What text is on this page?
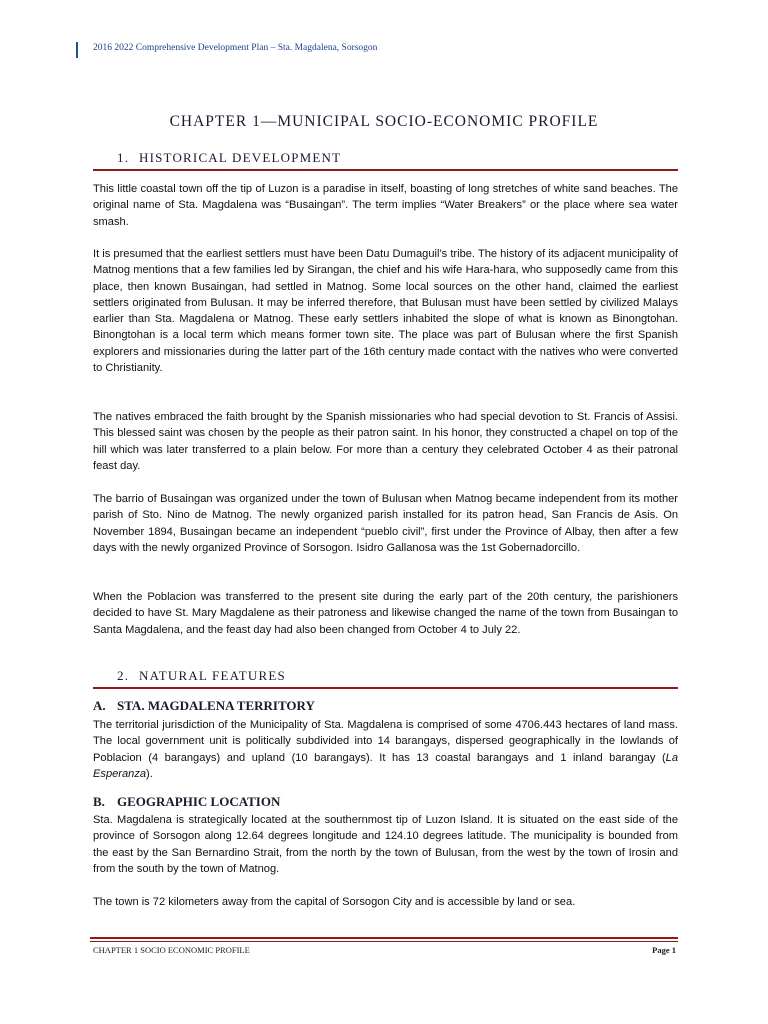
2016 2022 Comprehensive Development Plan – Sta. Magdalena, Sorsogon
CHAPTER 1—MUNICIPAL SOCIO-ECONOMIC PROFILE
1. HISTORICAL DEVELOPMENT
This little coastal town off the tip of Luzon is a paradise in itself, boasting of long stretches of white sand beaches. The original name of Sta. Magdalena was “Busaingan”. The term implies “Water Breakers” or the place where sea water smash.
It is presumed that the earliest settlers must have been Datu Dumaguil’s tribe. The history of its adjacent municipality of Matnog mentions that a few families led by Sirangan, the chief and his wife Hara-hara, who supposedly came from this place, then known Busaingan, had settled in Matnog. Some local sources on the other hand, claimed the earliest settlers originated from Bulusan. It may be inferred therefore, that Bulusan must have been settled by civilized Malays earlier than Sta. Magdalena or Matnog. These early settlers inhabited the slope of what is known as Binongtohan. Binongtohan is a local term which means former town site. The place was part of Bulusan where the first Spanish explorers and missionaries during the latter part of the 16th century made contact with the natives who were converted to Christianity.
The natives embraced the faith brought by the Spanish missionaries who had special devotion to St. Francis of Assisi. This blessed saint was chosen by the people as their patron saint. In his honor, they constructed a chapel on top of the hill which was later transferred to a plain below. For more than a century they celebrated October 4 as their patronal feast day.
The barrio of Busaingan was organized under the town of Bulusan when Matnog became independent from its mother parish of Sto. Nino de Matnog. The newly organized parish installed for its patron head, San Francis de Asis. On November 1894, Busaingan became an independent “pueblo civil”, first under the Province of Albay, then after a few days with the newly organized Province of Sorsogon. Isidro Gallanosa was the 1st Gobernadorcillo.
When the Poblacion was transferred to the present site during the early part of the 20th century, the parishioners decided to have St. Mary Magdalene as their patroness and likewise changed the name of the town from Busaingan to Santa Magdalena, and the feast day had also been changed from October 4 to July 22.
2. NATURAL FEATURES
A. STA. MAGDALENA TERRITORY
The territorial jurisdiction of the Municipality of Sta. Magdalena is comprised of some 4706.443 hectares of land mass. The local government unit is politically subdivided into 14 barangays, dispersed geographically in the lowlands of Poblacion (4 barangays) and upland (10 barangays). It has 13 coastal barangays and 1 inland barangay (La Esperanza).
B. GEOGRAPHIC LOCATION
Sta. Magdalena is strategically located at the southernmost tip of Luzon Island. It is situated on the east side of the province of Sorsogon along 12.64 degrees longitude and 124.10 degrees latitude. The municipality is bounded from the east by the San Bernardino Strait, from the north by the town of Bulusan, from the west by the town of Irosin and from the south by the town of Matnog.
The town is 72 kilometers away from the capital of Sorsogon City and is accessible by land or sea.
CHAPTER 1 SOCIO ECONOMIC PROFILE	Page 1
